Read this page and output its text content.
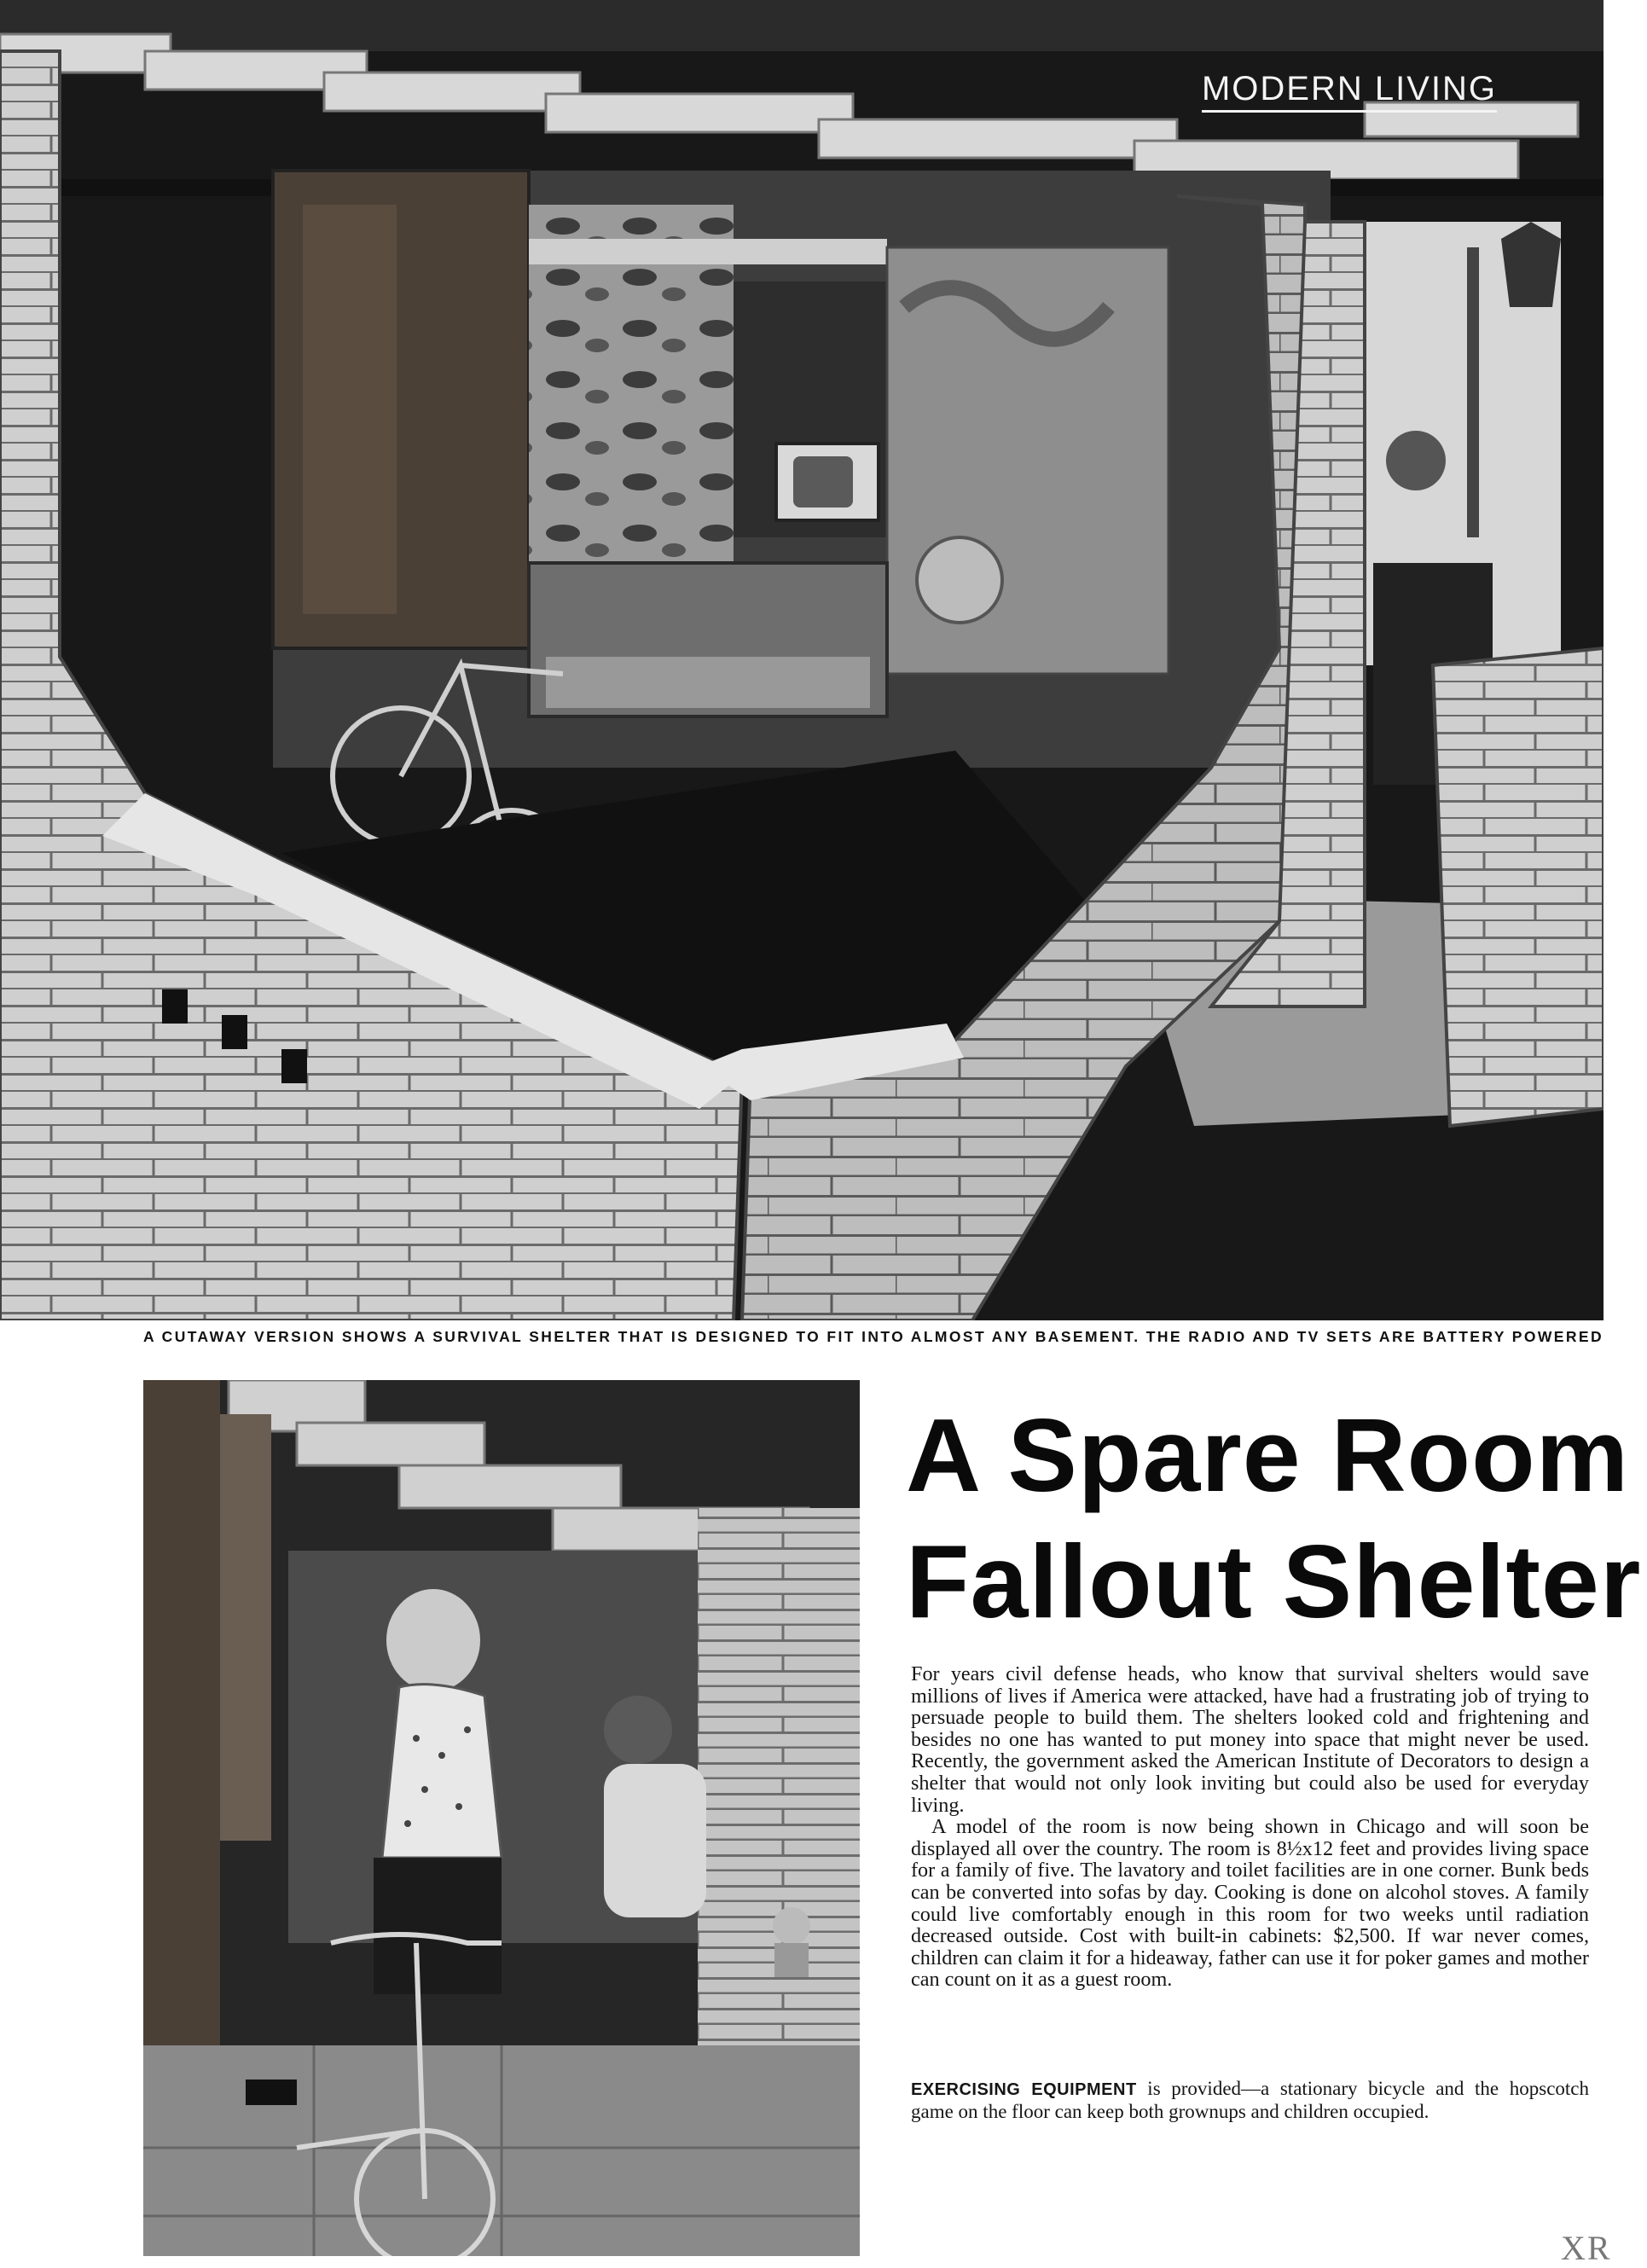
MODERN LIVING
A CUTAWAY VERSION SHOWS A SURVIVAL SHELTER THAT IS DESIGNED TO FIT INTO ALMOST ANY BASEMENT. THE RADIO AND TV SETS ARE BATTERY POWERED
A Spare Room
Fallout Shelter

For years civil defense heads, who know that survival shelters would save millions of lives if America were attacked, have had a frustrating job of trying to persuade people to build them. The shelters looked cold and frightening and besides no one has wanted to put money into space that might never be used. Recently, the government asked the American Institute of Decorators to design a shelter that would not only look inviting but could also be used for everyday living.

A model of the room is now being shown in Chicago and will soon be displayed all over the country. The room is 8½x12 feet and provides living space for a family of five. The lavatory and toilet facilities are in one corner. Bunk beds can be converted into sofas by day. Cooking is done on alcohol stoves. A family could live comfortably enough in this room for two weeks until radiation decreased outside. Cost with built-in cabinets: $2,500. If war never comes, children can claim it for a hideaway, father can use it for poker games and mother can count on it as a guest room.

EXERCISING EQUIPMENT is provided—a stationary bicycle and the hopscotch game on the floor can keep both grownups and children occupied.
XR
